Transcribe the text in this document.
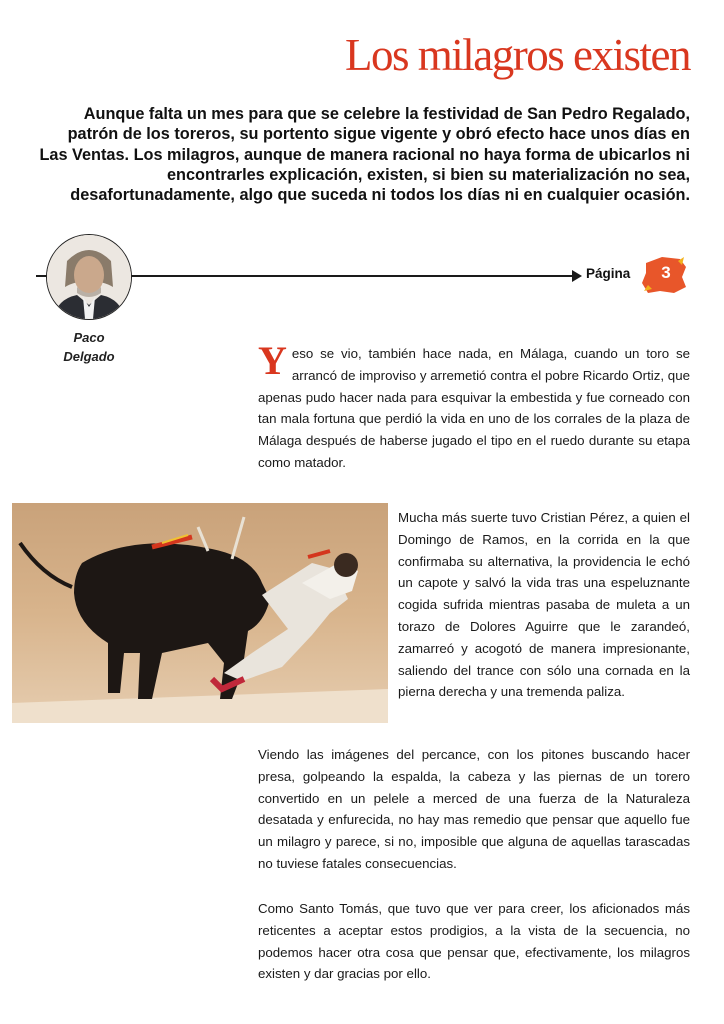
Los milagros existen

Aunque falta un mes para que se celebre la festividad de San Pedro Regalado, patrón de los toreros, su portento sigue vigente y obró efecto hace unos días en Las Ventas. Los milagros, aunque de manera racional no haya forma de ubicarlos ni encontrarles explicación, existen, si bien su materialización no sea, desafortunadamente, algo que suceda ni todos los días ni en cualquier ocasión.

Paco
Delgado
Página	3

Yeso se vio, también hace nada, en Málaga, cuando un toro se arrancó de improviso y arremetió contra el pobre Ricardo Ortiz, que apenas pudo hacer nada para esquivar la embestida y fue corneado con tan mala fortuna que perdió la vida en uno de los corrales de la plaza de Málaga después de haberse jugado el tipo en el ruedo durante su etapa como matador.

Mucha más suerte tuvo Cristian Pérez, a quien el Domingo de Ramos, en la corrida en la que confirmaba su alternativa, la providencia le echó un capote y salvó la vida tras una espeluznante cogida sufrida mientras pasaba de muleta a un torazo de Dolores Aguirre que le zarandeó, zamarreó y acogotó de manera impresionante, saliendo del trance con sólo una cornada en la pierna derecha y una tremenda paliza.

Viendo las imágenes del percance, con los pitones buscando hacer presa, golpeando la espalda, la cabeza y las piernas de un torero convertido en un pelele a merced de una fuerza de la Naturaleza desatada y enfurecida, no hay mas remedio que pensar que aquello fue un milagro y parece, si no, imposible que alguna de aquellas tarascadas no tuviese fatales consecuencias.

Como Santo Tomás, que tuvo que ver para creer, los aficionados más reticentes a aceptar estos prodigios, a la vista de la secuencia, no podemos hacer otra cosa que pensar que, efectivamente, los milagros existen y dar gracias por ello.
